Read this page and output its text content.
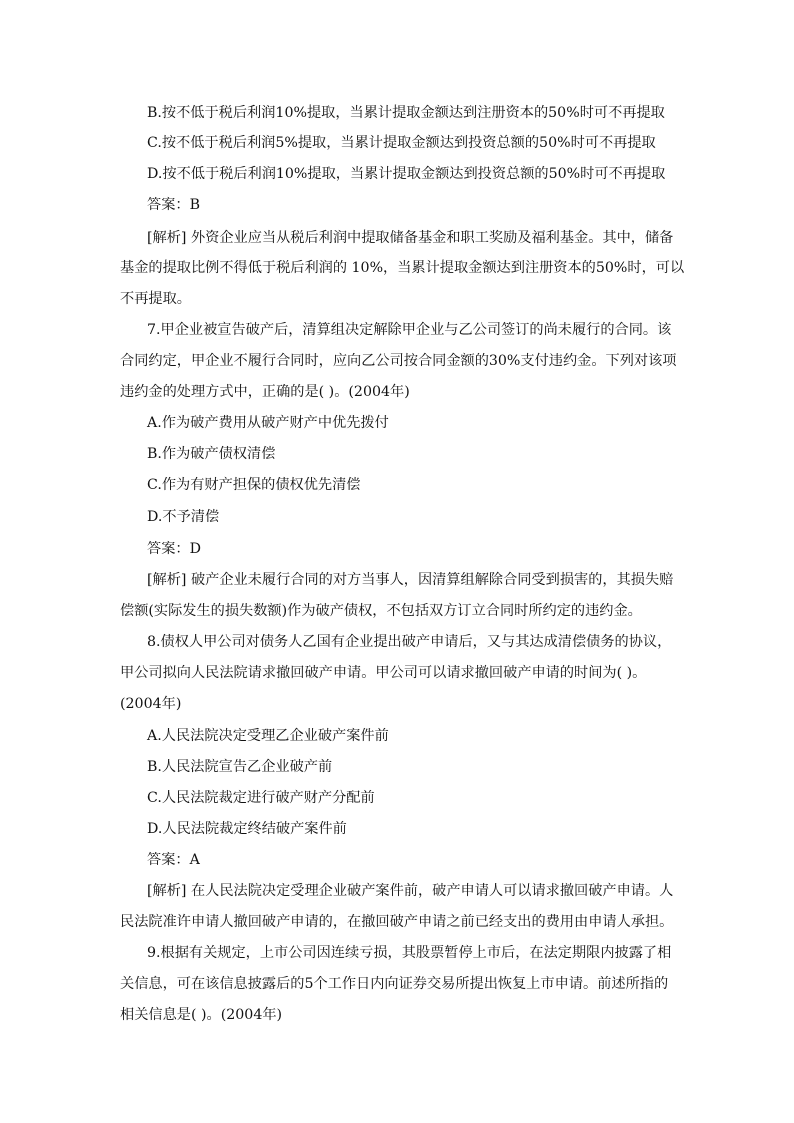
B.按不低于税后利润10%提取，当累计提取金额达到注册资本的50%时可不再提取
C.按不低于税后利润5%提取，当累计提取金额达到投资总额的50%时可不再提取
D.按不低于税后利润10%提取，当累计提取金额达到投资总额的50%时可不再提取
答案：B
[解析] 外资企业应当从税后利润中提取储备基金和职工奖励及福利基金。其中，储备
基金的提取比例不得低于税后利润的 10%，当累计提取金额达到注册资本的50%时，可以
不再提取。
7.甲企业被宣告破产后，清算组决定解除甲企业与乙公司签订的尚未履行的合同。该
合同约定，甲企业不履行合同时，应向乙公司按合同金额的30%支付违约金。下列对该项
违约金的处理方式中，正确的是( )。(2004年)
A.作为破产费用从破产财产中优先拨付
B.作为破产债权清偿
C.作为有财产担保的债权优先清偿
D.不予清偿
答案：D
[解析] 破产企业未履行合同的对方当事人，因清算组解除合同受到损害的，其损失赔
偿额(实际发生的损失数额)作为破产债权，不包括双方订立合同时所约定的违约金。
8.债权人甲公司对债务人乙国有企业提出破产申请后，又与其达成清偿债务的协议，
甲公司拟向人民法院请求撤回破产申请。甲公司可以请求撤回破产申请的时间为( )。
(2004年)
A.人民法院决定受理乙企业破产案件前
B.人民法院宣告乙企业破产前
C.人民法院裁定进行破产财产分配前
D.人民法院裁定终结破产案件前
答案：A
[解析] 在人民法院决定受理企业破产案件前，破产申请人可以请求撤回破产申请。人
民法院准许申请人撤回破产申请的，在撤回破产申请之前已经支出的费用由申请人承担。
9.根据有关规定，上市公司因连续亏损，其股票暂停上市后，在法定期限内披露了相
关信息，可在该信息披露后的5个工作日内向证券交易所提出恢复上市申请。前述所指的
相关信息是( )。(2004年)
